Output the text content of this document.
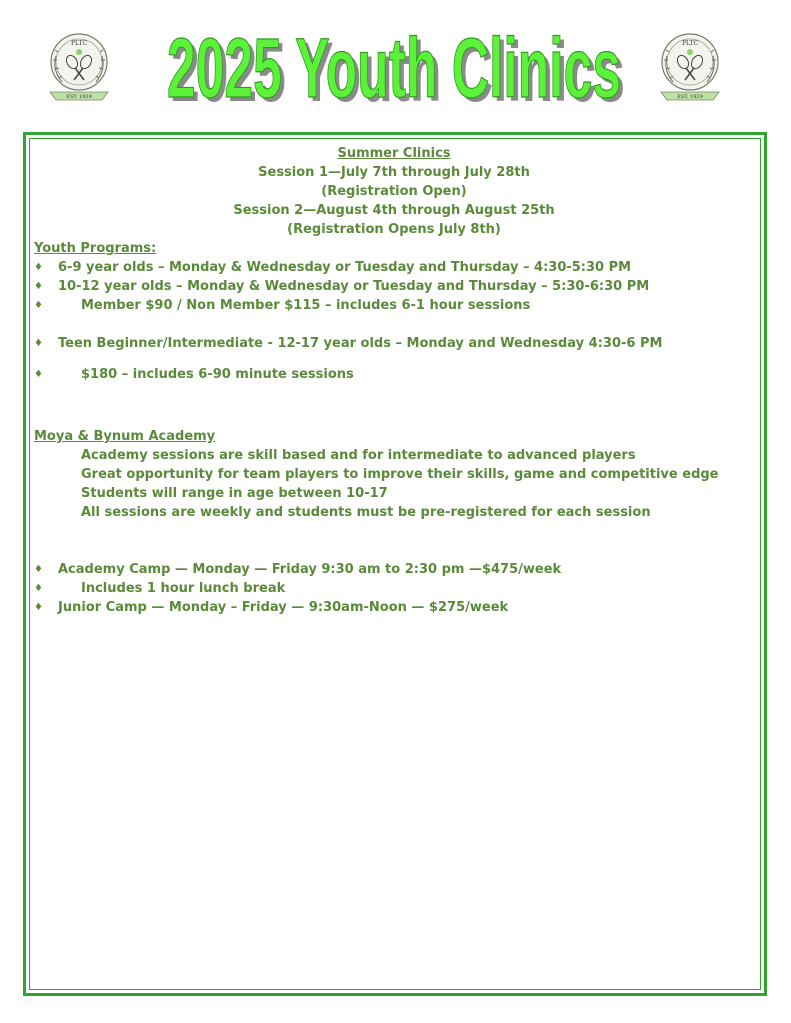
PLTC
EST. 1929 2025 Youth Clinics
2025 Youth Clinics	PLTC
EST. 1929
Summer Clinics
Session 1—July 7th through July 28th
(Registration Open)
Session 2—August 4th through August 25th
(Registration Opens July 8th)
Youth Programs:
♦ 6-9 year olds – Monday & Wednesday or Tuesday and Thursday – 4:30-5:30 PM
♦ 10-12 year olds – Monday & Wednesday or Tuesday and Thursday – 5:30-6:30 PM
♦	Member $90 / Non Member $115 – includes 6-1 hour sessions
♦ Teen Beginner/Intermediate - 12-17 year olds – Monday and Wednesday 4:30-6 PM
♦	$180 – includes 6-90 minute sessions
Moya & Bynum Academy
Academy sessions are skill based and for intermediate to advanced players
Great opportunity for team players to improve their skills, game and competitive edge
Students will range in age between 10-17
All sessions are weekly and students must be pre-registered for each session
♦ Academy Camp — Monday — Friday 9:30 am to 2:30 pm —$475/week
♦	Includes 1 hour lunch break
♦ Junior Camp — Monday – Friday — 9:30am-Noon — $275/week
